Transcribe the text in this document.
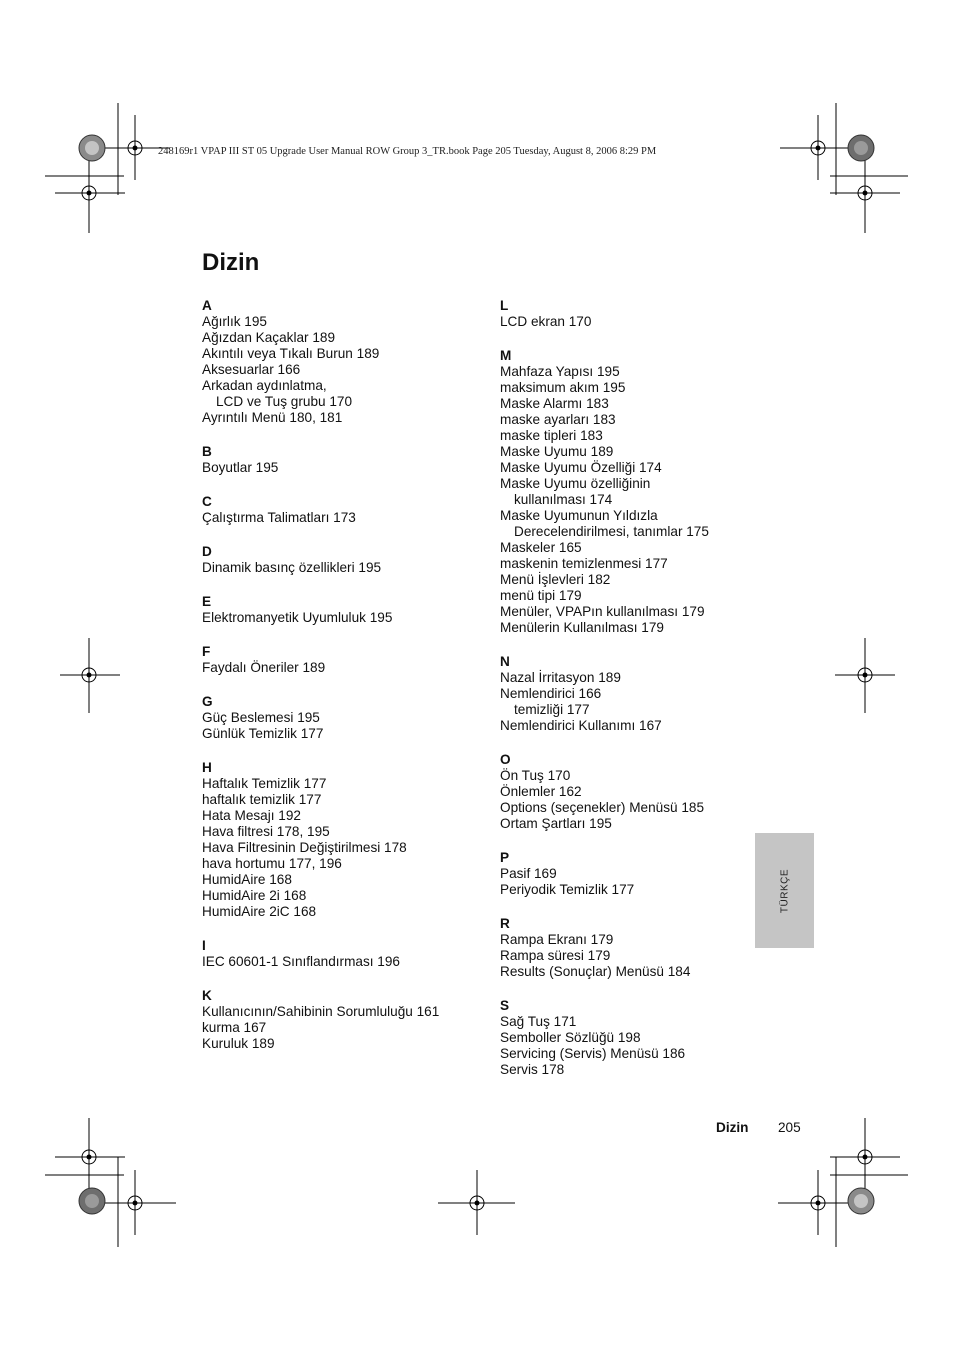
248169r1 VPAP III ST 05 Upgrade User Manual ROW Group 3_TR.book Page 205 Tuesday, August 8, 2006 8:29 PM
Dizin
A
Ağırlık 195
Ağızdan Kaçaklar 189
Akıntılı veya Tıkalı Burun 189
Aksesuarlar 166
Arkadan aydınlatma,
LCD ve Tuş grubu 170
Ayrıntılı Menü 180, 181
B
Boyutlar 195
C
Çalıştırma Talimatları 173
D
Dinamik basınç özellikleri 195
E
Elektromanyetik Uyumluluk 195
F
Faydalı Öneriler 189
G
Güç Beslemesi 195
Günlük Temizlik 177
H
Haftalık Temizlik 177
haftalık temizlik 177
Hata Mesajı 192
Hava filtresi 178, 195
Hava Filtresinin Değiştirilmesi 178
hava hortumu 177, 196
HumidAire 168
HumidAire 2i 168
HumidAire 2iC 168
I
IEC 60601-1 Sınıflandırması 196
K
Kullanıcının/Sahibinin Sorumluluğu 161
kurma 167
Kuruluk 189
L
LCD ekran 170
M
Mahfaza Yapısı 195
maksimum akım 195
Maske Alarmı 183
maske ayarları 183
maske tipleri 183
Maske Uyumu 189
Maske Uyumu Özelliği 174
Maske Uyumu özelliğinin
kullanılması 174
Maske Uyumunun Yıldızla
Derecelendirilmesi, tanımlar 175
Maskeler 165
maskenin temizlenmesi 177
Menü İşlevleri 182
menü tipi 179
Menüler, VPAPın kullanılması 179
Menülerin Kullanılması 179
N
Nazal İrritasyon 189
Nemlendirici 166
temizliği 177
Nemlendirici Kullanımı 167
O
Ön Tuş 170
Önlemler 162
Options (seçenekler) Menüsü 185
Ortam Şartları 195
P
Pasif 169
Periyodik Temizlik 177
R
Rampa Ekranı 179
Rampa süresi 179
Results (Sonuçlar) Menüsü 184
S
Sağ Tuş 171
Semboller Sözlüğü 198
Servicing (Servis) Menüsü 186
Servis 178
TÜRKÇE
Dizin 205
